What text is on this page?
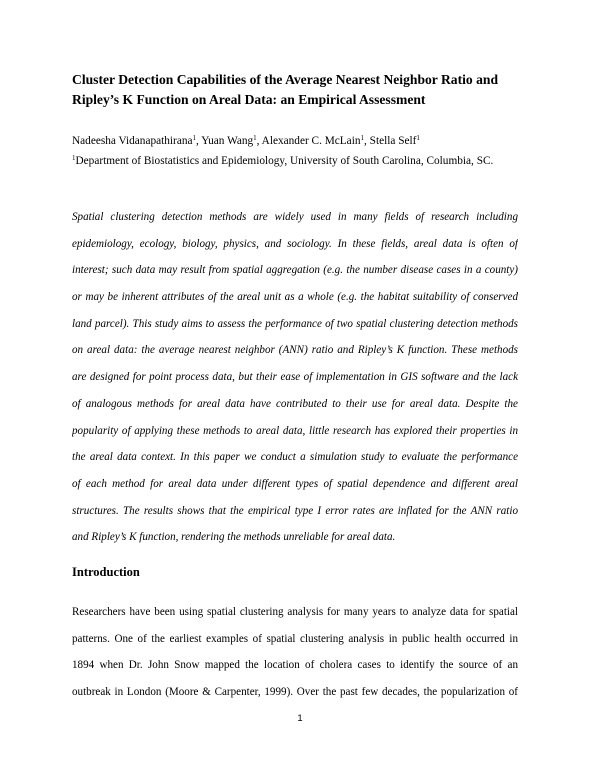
Cluster Detection Capabilities of the Average Nearest Neighbor Ratio and
Ripley’s K Function on Areal Data: an Empirical Assessment
Nadeesha Vidanapathirana$^1$, Yuan Wang$^1$, Alexander C. McLain$^1$, Stella Self$^1$
$^1$Department of Biostatistics and Epidemiology, University of South Carolina, Columbia, SC.
Spatial clustering detection methods are widely used in many fields of research including
epidemiology, ecology, biology, physics, and sociology. In these fields, areal data is often of
interest; such data may result from spatial aggregation (e.g. the number disease cases in a county)
or may be inherent attributes of the areal unit as a whole (e.g. the habitat suitability of conserved
land parcel). This study aims to assess the performance of two spatial clustering detection methods
on areal data: the average nearest neighbor (ANN) ratio and Ripley’s K function. These methods
are designed for point process data, but their ease of implementation in GIS software and the lack
of analogous methods for areal data have contributed to their use for areal data. Despite the
popularity of applying these methods to areal data, little research has explored their properties in
the areal data context. In this paper we conduct a simulation study to evaluate the performance
of each method for areal data under different types of spatial dependence and different areal
structures. The results shows that the empirical type I error rates are inflated for the ANN ratio
and Ripley’s K function, rendering the methods unreliable for areal data.
Introduction
Researchers have been using spatial clustering analysis for many years to analyze data for spatial
patterns. One of the earliest examples of spatial clustering analysis in public health occurred in
1894 when Dr. John Snow mapped the location of cholera cases to identify the source of an
outbreak in London (Moore & Carpenter, 1999). Over the past few decades, the popularization of
1
